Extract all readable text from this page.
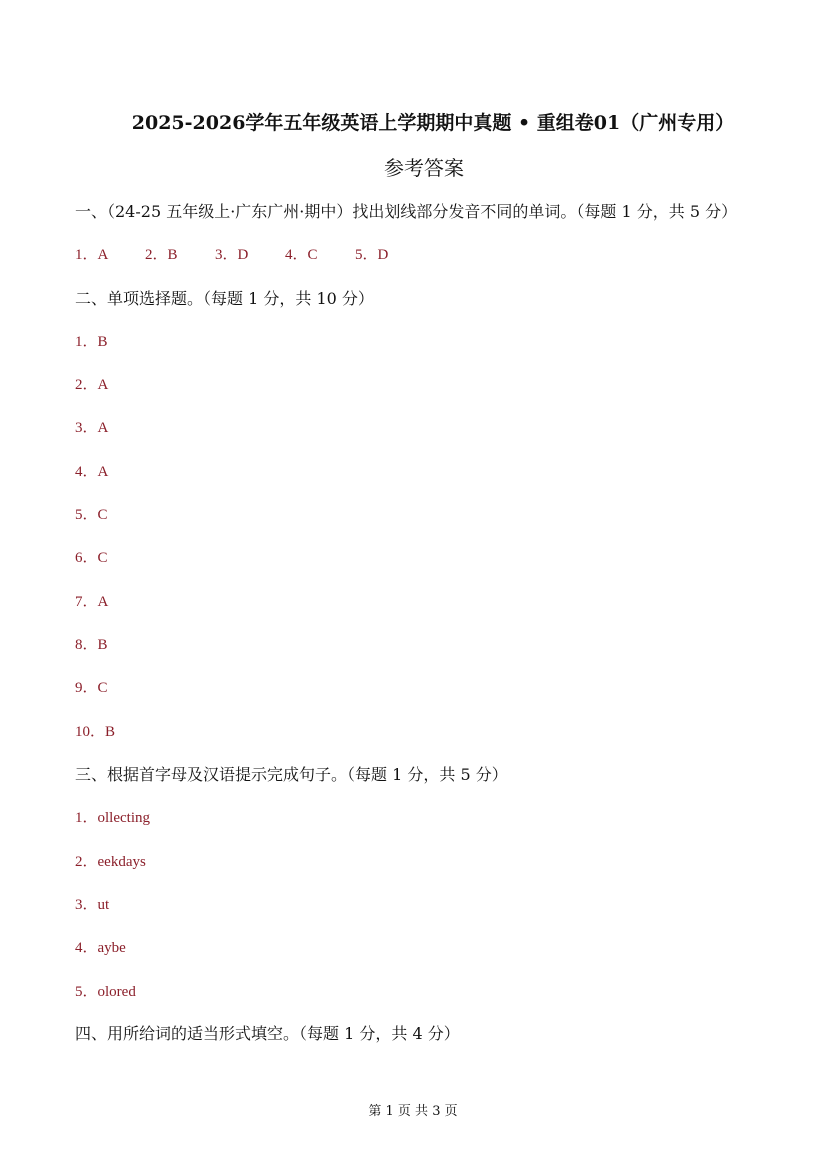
2025-2026学年五年级英语上学期期中真题 • 重组卷01（广州专用）
参考答案
一、（24-25 五年级上·广东广州·期中）找出划线部分发音不同的单词。（每题 1 分，共 5 分）
1．A 2．B 3．D 4．C 5．D
二、单项选择题。（每题 1 分，共 10 分）
1．B
2．A
3．A
4．A
5．C
6．C
7．A
8．B
9．C
10．B
三、根据首字母及汉语提示完成句子。（每题 1 分，共 5 分）
1．ollecting
2．eekdays
3．ut
4．aybe
5．olored
四、用所给词的适当形式填空。（每题 1 分，共 4 分）
第 1 页 共 3 页
